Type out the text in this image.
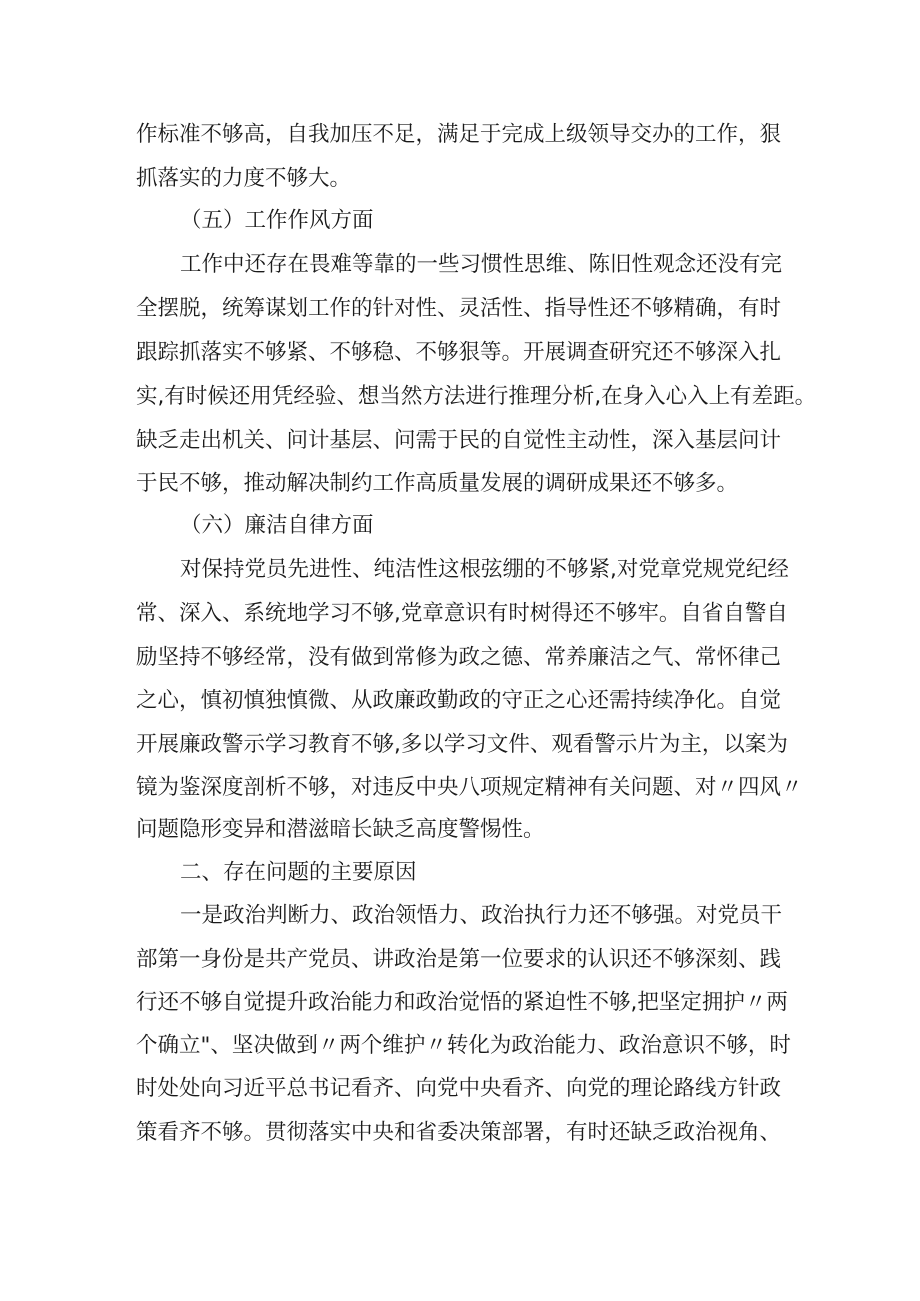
作标准不够高，自我加压不足，满足于完成上级领导交办的工作，狠
抓落实的力度不够大。
（五）工作作风方面
工作中还存在畏难等靠的一些习惯性思维、陈旧性观念还没有完
全摆脱，统筹谋划工作的针对性、灵活性、指导性还不够精确，有时
跟踪抓落实不够紧、不够稳、不够狠等。开展调查研究还不够深入扎
实,有时候还用凭经验、想当然方法进行推理分析,在身入心入上有差距。
缺乏走出机关、问计基层、问需于民的自觉性主动性，深入基层问计
于民不够，推动解决制约工作高质量发展的调研成果还不够多。
（六）廉洁自律方面
对保持党员先进性、纯洁性这根弦绷的不够紧,对党章党规党纪经
常、深入、系统地学习不够,党章意识有时树得还不够牢。自省自警自
励坚持不够经常，没有做到常修为政之德、常养廉洁之气、常怀律己
之心，慎初慎独慎微、从政廉政勤政的守正之心还需持续净化。自觉
开展廉政警示学习教育不够,多以学习文件、观看警示片为主，以案为
镜为鉴深度剖析不够，对违反中央八项规定精神有关问题、对〃四风〃
问题隐形变异和潜滋暗长缺乏高度警惕性。
二、存在问题的主要原因
一是政治判断力、政治领悟力、政治执行力还不够强。对党员干
部第一身份是共产党员、讲政治是第一位要求的认识还不够深刻、践
行还不够自觉提升政治能力和政治觉悟的紧迫性不够,把坚定拥护〃两
个确立"、坚决做到〃两个维护〃转化为政治能力、政治意识不够，时
时处处向习近平总书记看齐、向党中央看齐、向党的理论路线方针政
策看齐不够。贯彻落实中央和省委决策部署，有时还缺乏政治视角、
